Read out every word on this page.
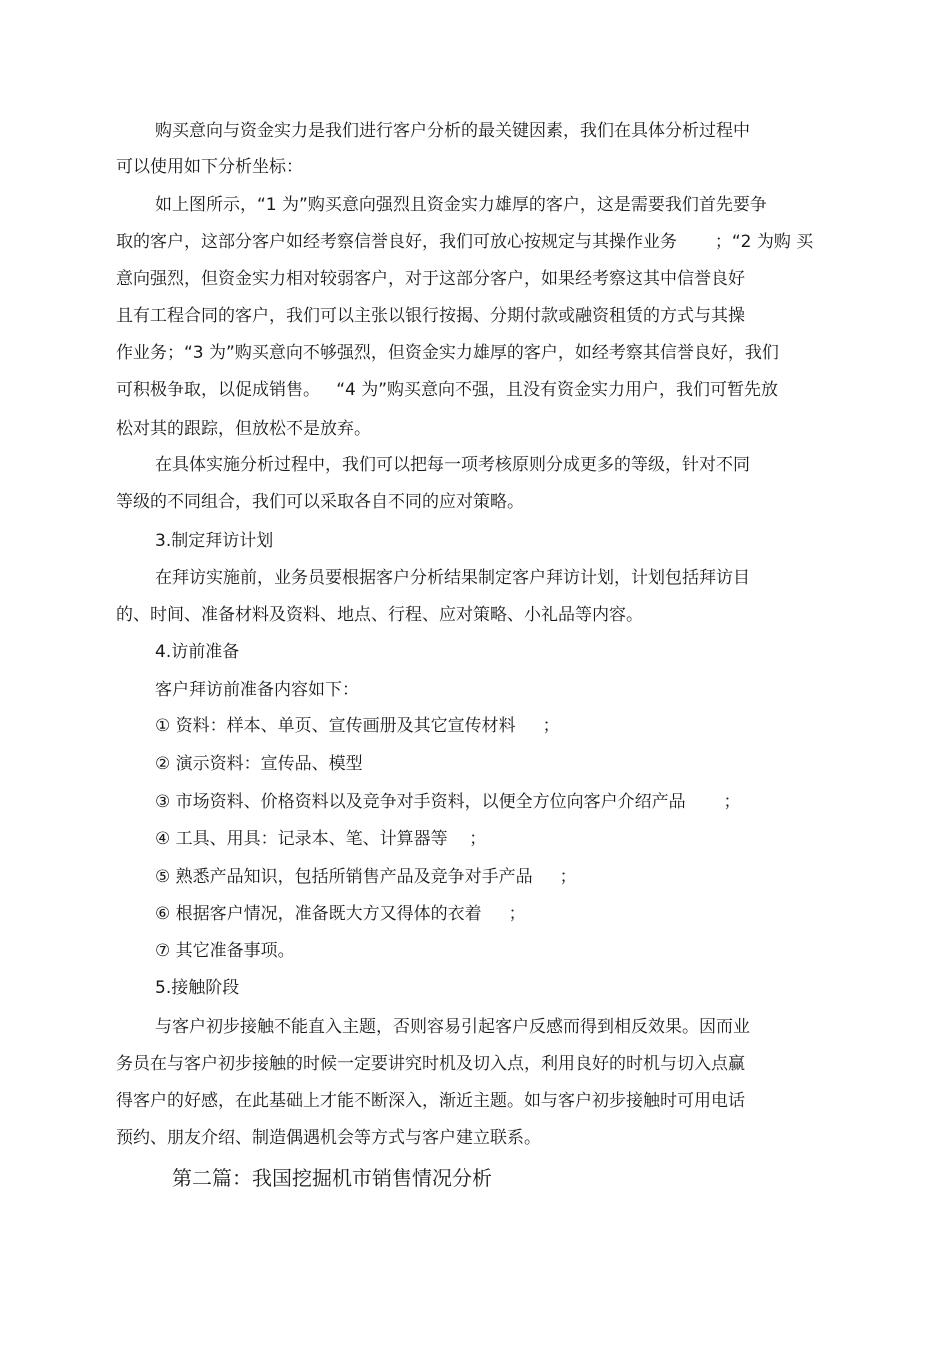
购买意向与资金实力是我们进行客户分析的最关键因素，我们在具体分析过程中
可以使用如下分析坐标：
如上图所示，“1 为”购买意向强烈且资金实力雄厚的客户，这是需要我们首先要争
取的客户，这部分客户如经考察信誉良好，我们可放心按规定与其操作业务       ；“2 为购 买
意向强烈，但资金实力相对较弱客户，对于这部分客户，如果经考察这其中信誉良好
且有工程合同的客户，我们可以主张以银行按揭、分期付款或融资租赁的方式与其操
作业务；“3 为”购买意向不够强烈，但资金实力雄厚的客户，如经考察其信誉良好，我们
可积极争取，以促成销售。   “4 为”购买意向不强，且没有资金实力用户，我们可暂先放
松对其的跟踪，但放松不是放弃。
在具体实施分析过程中，我们可以把每一项考核原则分成更多的等级，针对不同
等级的不同组合，我们可以采取各自不同的应对策略。
3.制定拜访计划
在拜访实施前，业务员要根据客户分析结果制定客户拜访计划，计划包括拜访目
的、时间、准备材料及资料、地点、行程、应对策略、小礼品等内容。
4.访前准备
客户拜访前准备内容如下：
① 资料：样本、单页、宣传画册及其它宣传材料     ；
② 演示资料：宣传品、模型
③ 市场资料、价格资料以及竞争对手资料，以便全方位向客户介绍产品       ；
④ 工具、用具：记录本、笔、计算器等    ；
⑤ 熟悉产品知识，包括所销售产品及竞争对手产品     ；
⑥ 根据客户情况，准备既大方又得体的衣着     ；
⑦ 其它准备事项。
5.接触阶段
与客户初步接触不能直入主题，否则容易引起客户反感而得到相反效果。因而业
务员在与客户初步接触的时候一定要讲究时机及切入点，利用良好的时机与切入点赢
得客户的好感，在此基础上才能不断深入，渐近主题。如与客户初步接触时可用电话
预约、朋友介绍、制造偶遇机会等方式与客户建立联系。
第二篇：我国挖掘机市销售情况分析
